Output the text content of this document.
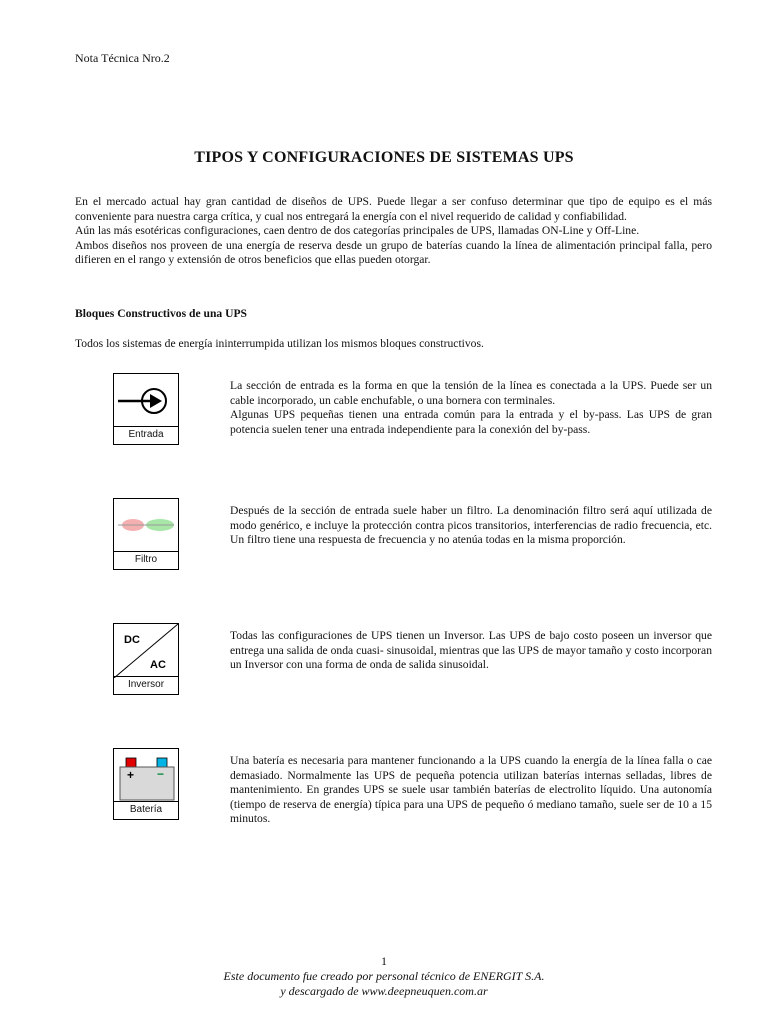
Nota Técnica Nro.2
TIPOS Y CONFIGURACIONES DE SISTEMAS UPS

En el mercado actual hay gran cantidad de diseños de UPS. Puede llegar a ser confuso determinar que tipo de equipo es el más conveniente para nuestra carga crítica, y cual nos entregará la energía con el nivel requerido de calidad y confiabilidad.

Aún las más esotéricas configuraciones, caen dentro de dos categorías principales de UPS, llamadas ON-Line y Off-Line.

Ambos diseños nos proveen de una energía de reserva desde un grupo de baterías cuando la línea de alimentación principal falla, pero difieren en el rango y extensión de otros beneficios que ellas pueden otorgar.

Bloques Constructivos de una UPS
Todos los sistemas de energía ininterrumpida utilizan los mismos bloques constructivos.
Entrada

La sección de entrada es la forma en que la tensión de la línea es conectada a la UPS. Puede ser un cable incorporado, un cable enchufable, o una bornera con terminales.

Algunas UPS pequeñas tienen una entrada común para la entrada y el by-pass. Las UPS de gran potencia suelen tener una entrada independiente para la conexión del by-pass.

Filtro

Después de la sección de entrada suele haber un filtro. La denominación filtro será aquí utilizada de modo genérico, e incluye la protección contra picos transitorios, interferencias de radio frecuencia, etc. Un filtro tiene una respuesta de frecuencia y no atenúa todas en la misma proporción.

DC
AC
Inversor

Todas las configuraciones de UPS tienen un Inversor. Las UPS de bajo costo poseen un inversor que entrega una salida de onda cuasi- sinusoidal, mientras que las UPS de mayor tamaño y costo incorporan un Inversor con una forma de onda de salida sinusoidal.

+ −
Batería

Una batería es necesaria para mantener funcionando a la UPS cuando la energía de la línea falla o cae demasiado. Normalmente las UPS de pequeña potencia utilizan baterías internas selladas, libres de mantenimiento. En grandes UPS se suele usar también baterías de electrolito líquido. Una autonomía (tiempo de reserva de energía) típica para una UPS de pequeño ó mediano tamaño, suele ser de 10 a 15 minutos.

1
Este documento fue creado por personal técnico de ENERGIT S.A.
y descargado de www.deepneuquen.com.ar
